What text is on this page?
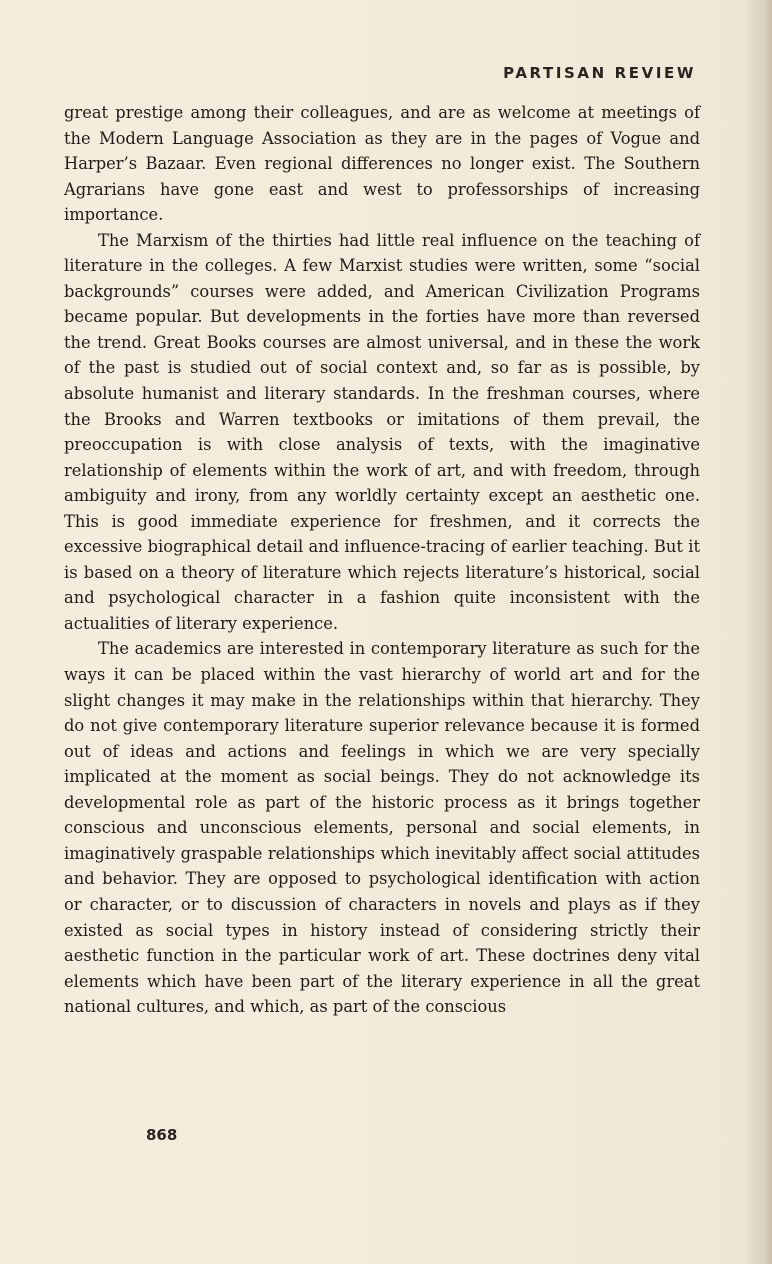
PARTISAN REVIEW

great prestige among their colleagues, and are as welcome at meetings of the Modern Language Association as they are in the pages of Vogue and Harper’s Bazaar. Even regional differences no longer exist. The Southern Agrarians have gone east and west to professorships of increasing importance.

The Marxism of the thirties had little real influence on the teaching of literature in the colleges. A few Marxist studies were written, some “social backgrounds” courses were added, and American Civilization Programs became popular. But developments in the forties have more than reversed the trend. Great Books courses are almost universal, and in these the work of the past is studied out of social context and, so far as is possible, by absolute humanist and literary standards. In the freshman courses, where the Brooks and Warren textbooks or imitations of them prevail, the preoccupation is with close analysis of texts, with the imaginative relationship of elements within the work of art, and with freedom, through ambiguity and irony, from any worldly certainty except an aesthetic one. This is good immediate experience for freshmen, and it corrects the excessive biographical detail and influence-tracing of earlier teaching. But it is based on a theory of literature which rejects literature’s historical, social and psychological character in a fashion quite inconsistent with the actualities of literary experience.

The academics are interested in contemporary literature as such for the ways it can be placed within the vast hierarchy of world art and for the slight changes it may make in the relationships within that hierarchy. They do not give contemporary literature superior relevance because it is formed out of ideas and actions and feelings in which we are very specially implicated at the moment as social beings. They do not acknowledge its developmental role as part of the historic process as it brings together conscious and unconscious elements, personal and social elements, in imaginatively graspable relationships which inevitably affect social attitudes and behavior. They are opposed to psychological identification with action or character, or to discussion of characters in novels and plays as if they existed as social types in history instead of considering strictly their aesthetic function in the particular work of art. These doctrines deny vital elements which have been part of the literary experience in all the great national cultures, and which, as part of the conscious

868
